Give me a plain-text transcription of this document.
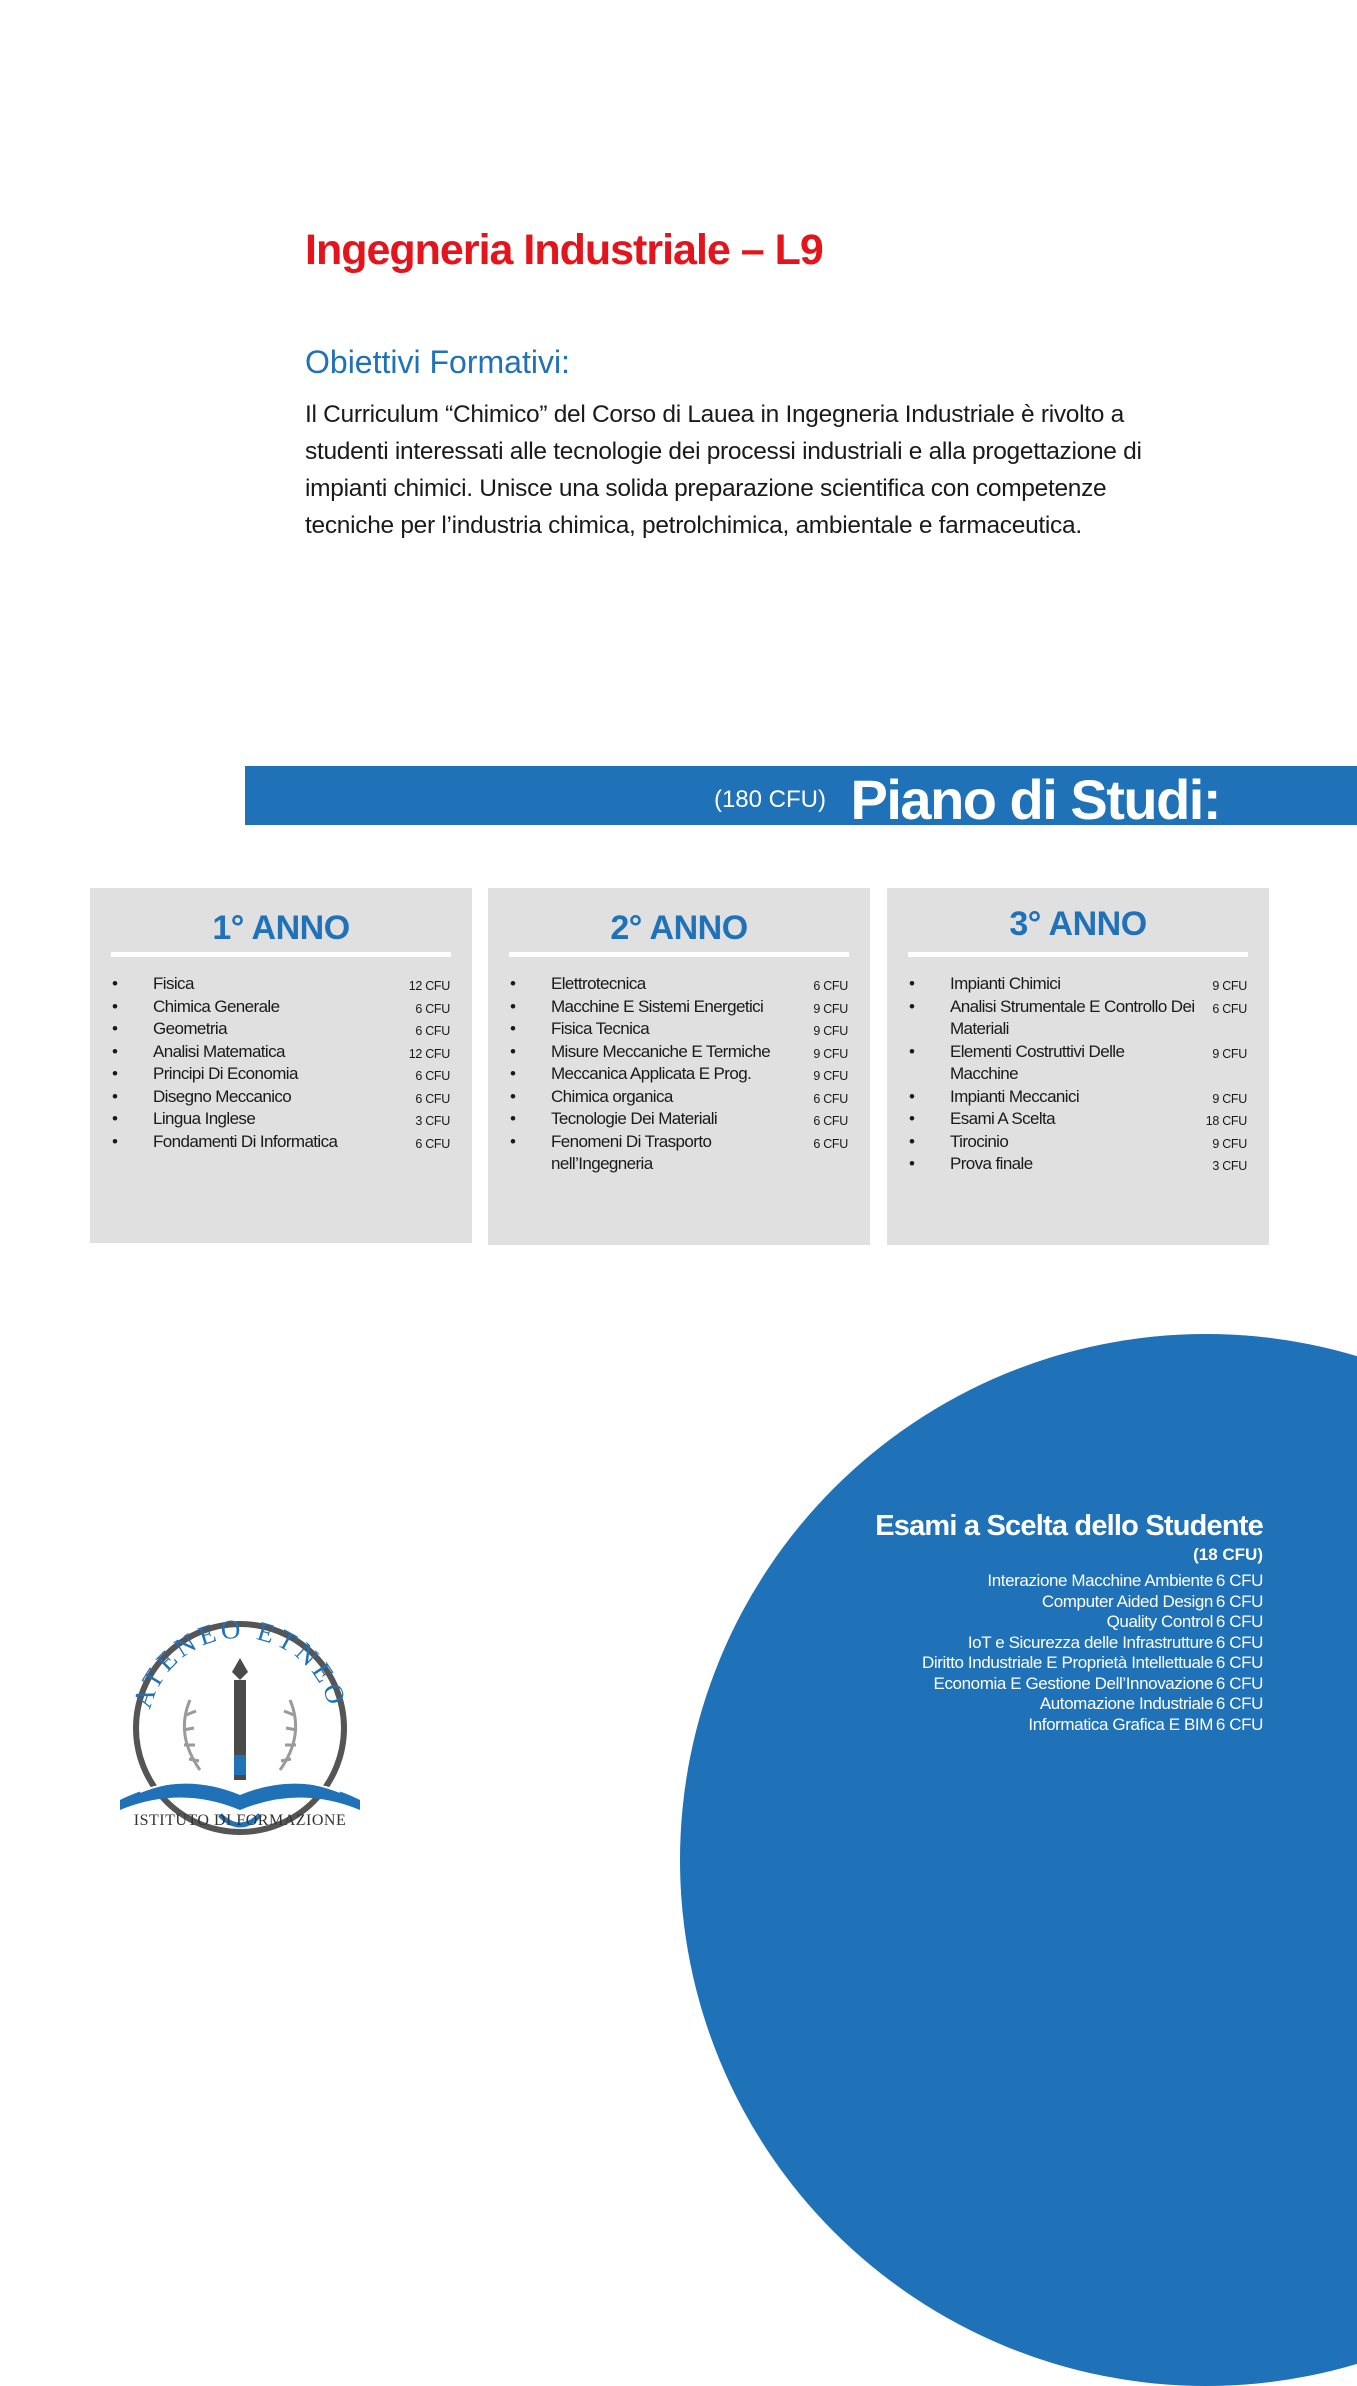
Ingegneria Industriale – L9
Obiettivi Formativi:
Il Curriculum “Chimico” del Corso di Lauea in Ingegneria Industriale è rivolto a
studenti interessati alle tecnologie dei processi industriali e alla progettazione di
impianti chimici. Unisce una solida preparazione scientifica con competenze
tecniche per l’industria chimica, petrolchimica, ambientale e farmaceutica.
(180 CFU) Piano di Studi:
1° ANNO
• Fisica	12 CFU
• Chimica Generale	6 CFU
• Geometria	6 CFU
• Analisi Matematica	12 CFU
• Principi Di Economia	6 CFU
• Disegno Meccanico	6 CFU
• Lingua Inglese	3 CFU
• Fondamenti Di Informatica	6 CFU
2° ANNO
• Elettrotecnica	6 CFU
• Macchine E Sistemi Energetici	9 CFU
• Fisica Tecnica	9 CFU
• Misure Meccaniche E Termiche	9 CFU
• Meccanica Applicata E Prog.	9 CFU
• Chimica organica	6 CFU
• Tecnologie Dei Materiali	6 CFU
• Fenomeni Di Trasporto nell’Ingegneria
6 CFU
3° ANNO
• Impianti Chimici	9 CFU
• Analisi Strumentale E Controllo Dei Materiali
6 CFU
• Elementi Costruttivi Delle Macchine
9 CFU
• Impianti Meccanici	9 CFU
• Esami A Scelta	18 CFU
• Tirocinio	9 CFU
• Prova finale	3 CFU
Esami a Scelta dello Studente
(18 CFU)
Interazione Macchine Ambiente 6 CFU
Computer Aided Design 6 CFU
Quality Control 6 CFU
IoT e Sicurezza delle Infrastrutture 6 CFU
Diritto Industriale E Proprietà Intellettuale 6 CFU
Economia E Gestione Dell’Innovazione 6 CFU
Automazione Industriale 6 CFU
Informatica Grafica E BIM 6 CFU
ATENEO ETNEO
ISTITUTO DI FORMAZIONE
